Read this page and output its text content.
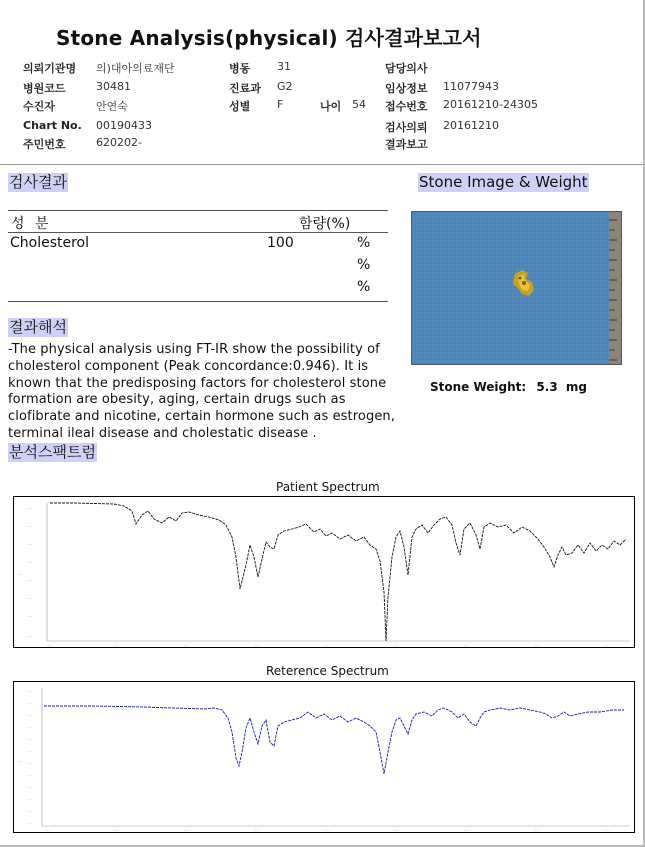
Stone Analysis(physical) 검사결과보고서
의뢰기관명 의)대아의료재단	병동 31	담당의사
병원코드	30481	진료과 G2	임상정보 11077943
수진자	안연숙	성별 F	나이 54 접수번호 20161210-24305
Chart No. 00190433	검사의뢰 20161210
주민번호	620202-	결과보고
검사결과
성 분	함량(%)
Cholesterol	100	%
%
%
결과해석
-The physical analysis using FT-IR show the possibility of cholesterol component (Peak concordance:0.946). It is known that the predisposing factors for cholesterol stone formation are obesity, aging, certain drugs such as clofibrate and nicotine, certain hormone such as estrogen, terminal ileal disease and cholestatic disease .
Stone Image & Weight
Stone Weight: 5.3 mg
분석스팩트럼
Patient Spectrum
----
----
----
----
----
----
----
----
---
-----	-----	-----	-----	-----	-----	-----	-----	-----
Reterence Spectrum
---
---
---
---
---
---
---
---
---
---
---
---
---
-----	-----	-----	-----	-----	-----	-----	-----	-----
